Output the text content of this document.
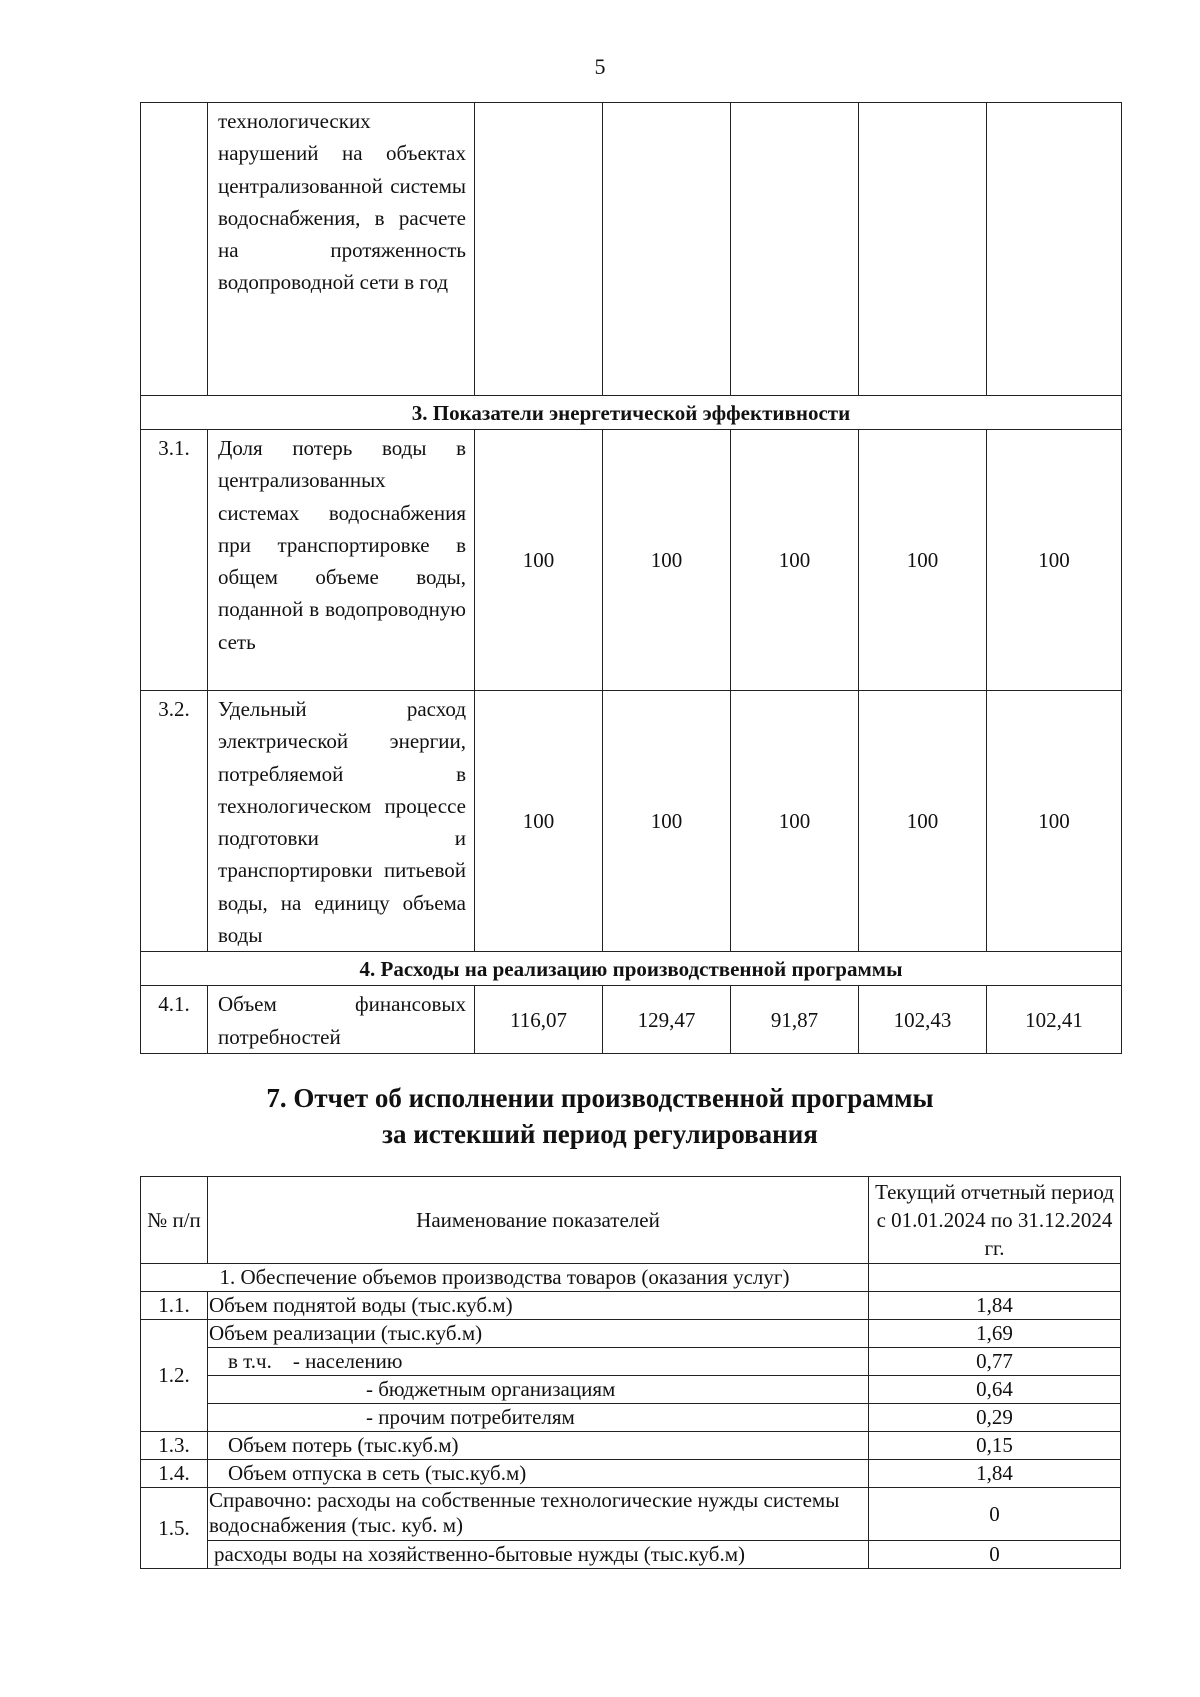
5
	технологических нарушений на объектах централизованной системы водоснабжения, в расчете на протяженность водопроводной сети в год					
3. Показатели энергетической эффективности						
3.1.	Доля потерь воды в централизованных системах водоснабжения при транспортировке в общем объеме воды, поданной в водопроводную сеть	100	100	100	100	100
3.2.	Удельный расход электрической энергии, потребляемой в технологическом процессе подготовки и транспортировки питьевой воды, на единицу объема воды	100	100	100	100	100
4. Расходы на реализацию производственной программы						
4.1.	Объем финансовых потребностей	116,07	129,47	91,87	102,43	102,41
7. Отчет об исполнении производственной программы
за истекший период регулирования
№ п/п	Наименование показателей	Текущий отчетный период с 01.01.2024 по 31.12.2024 гг.
1. Обеспечение объемов производства товаров (оказания услуг)		
1.1.	Объем поднятой воды (тыс.куб.м)	1,84
1.2.	Объем реализации (тыс.куб.м)	1,69
	в т.ч.    - населению	0,77
	- бюджетным организациям	0,64
	- прочим потребителям	0,29
1.3.	Объем потерь (тыс.куб.м)	0,15
1.4.	Объем отпуска в сеть (тыс.куб.м)	1,84
1.5.	Справочно: расходы на собственные технологические нужды системы водоснабжения (тыс. куб. м)	0
	расходы воды на хозяйственно-бытовые нужды (тыс.куб.м)	0
